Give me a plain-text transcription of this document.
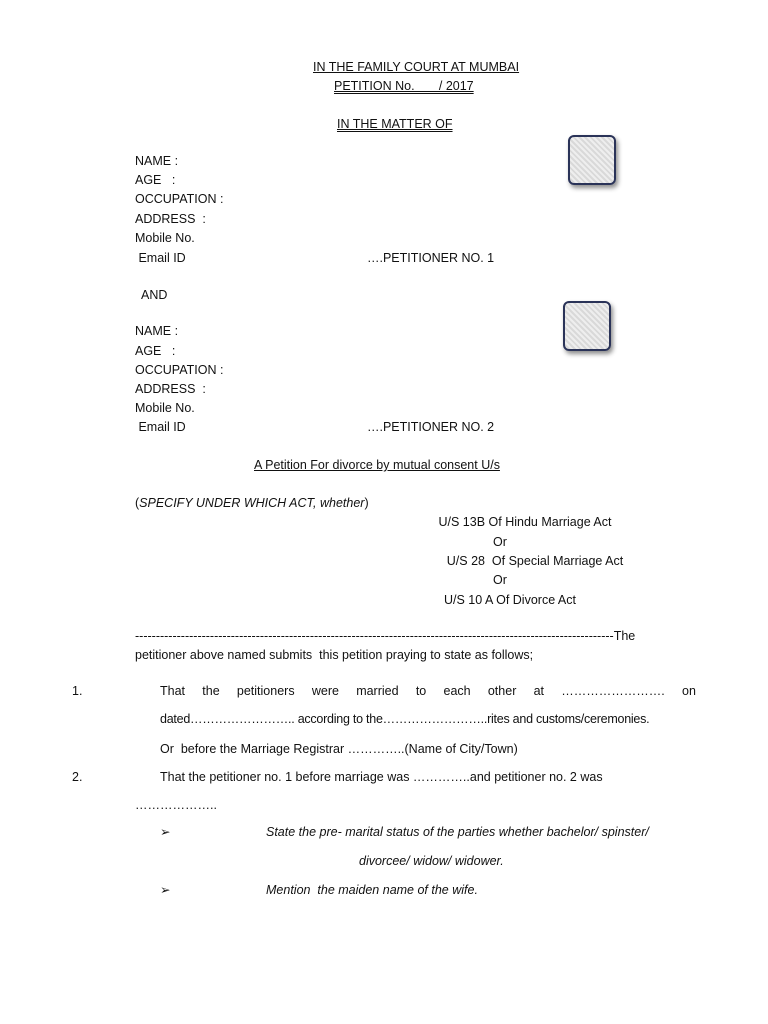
IN THE FAMILY COURT AT MUMBAI
PETITION No.       / 2017
IN THE MATTER OF
NAME :
AGE   :
OCCUPATION :
ADDRESS  :
Mobile No.
Email ID	….PETITIONER NO. 1
AND
NAME :
AGE   :
OCCUPATION :
ADDRESS  :
Mobile No.
Email ID	….PETITIONER NO. 2
A Petition For divorce by mutual consent U/s
(SPECIFY UNDER WHICH ACT, whether)
U/S 13B Of Hindu Marriage Act
Or
U/S 28  Of Special Marriage Act
Or
U/S 10 A Of Divorce Act
-------------------------------------------------------------------------------------------------------------------The
petitioner above named submits  this petition praying to state as follows;
1.	That the petitioners were married to each other at ……………………. on
dated…………………….. according to the……………………..rites and customs/ceremonies.
Or  before the Marriage Registrar …………..(Name of City/Town)
2.	That the petitioner no. 1 before marriage was …………..and petitioner no. 2 was
………………..
➢	State the pre- marital status of the parties whether bachelor/ spinster/
divorcee/ widow/ widower.
➢	Mention  the maiden name of the wife.
